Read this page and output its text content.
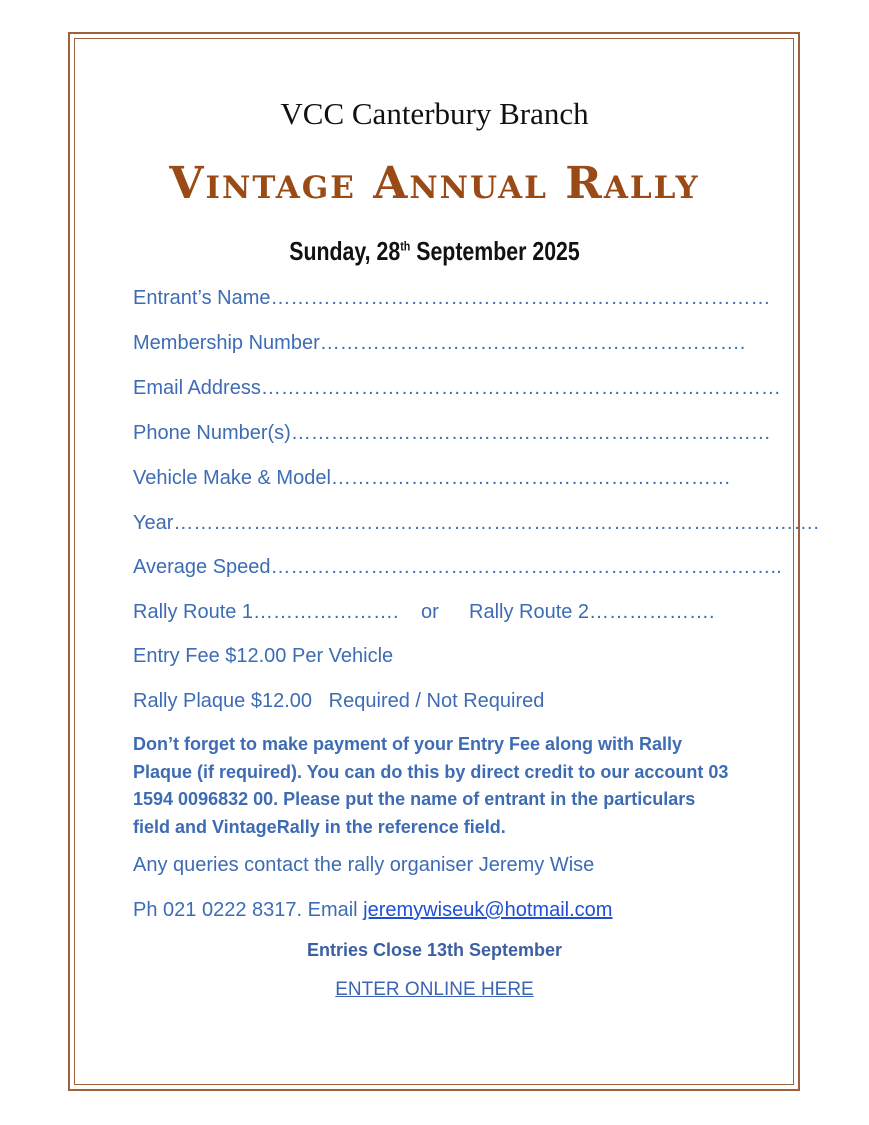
VCC Canterbury Branch
Vintage Annual Rally
Sunday, 28th September 2025
Entrant’s Name…………………………………………………………………
Membership Number……………………………………………………….
Email Address……………………………………………………………………
Phone Number(s)………………………………………………………………
Vehicle Make & Model……………………………………………………
Year…………………………………………………………………………………….
Average Speed…………………………………………………………………..
Rally Route 1…………………. or Rally Route 2……………….
Entry Fee $12.00 Per Vehicle
Rally Plaque $12.00   Required / Not Required
Don’t forget to make payment of your Entry Fee along with Rally Plaque (if required). You can do this by direct credit to our account 03 1594 0096832 00. Please put the name of entrant in the particulars field and VintageRally in the reference field.
Any queries contact the rally organiser Jeremy Wise
Ph 021 0222 8317. Email jeremywiseuk@hotmail.com
Entries Close 13th September
ENTER ONLINE HERE
